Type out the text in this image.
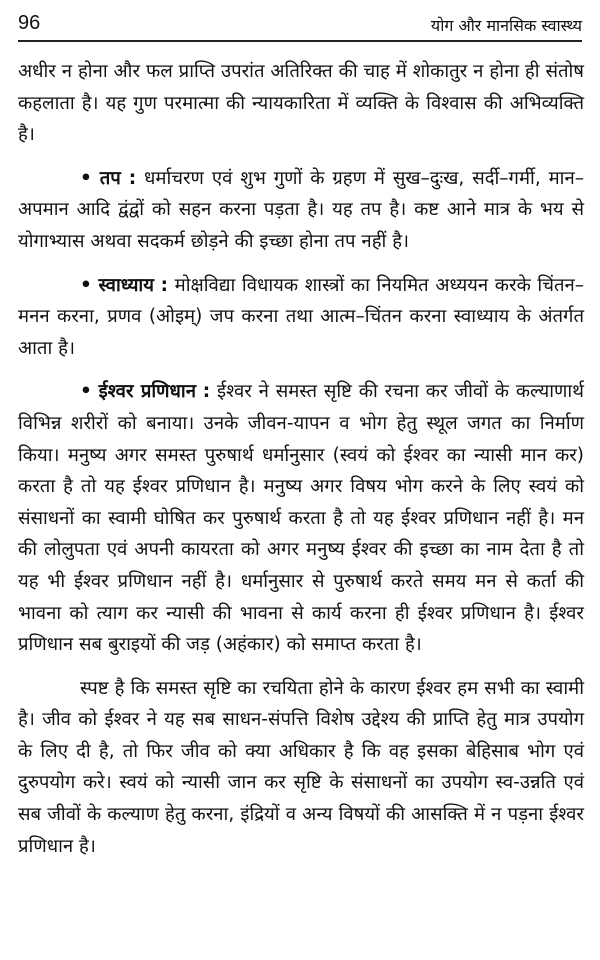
96	योग और मानसिक स्वास्थ्य

अधीर न होना और फल प्राप्ति उपरांत अतिरिक्त की चाह में शोकातुर न होना ही संतोष कहलाता है। यह गुण परमात्मा की न्यायकारिता में व्यक्ति के विश्वास की अभिव्यक्ति है।

• तप : धर्माचरण एवं शुभ गुणों के ग्रहण में सुख–दुःख, सर्दी–गर्मी, मान–अपमान आदि द्वंद्वों को सहन करना पड़ता है। यह तप है। कष्ट आने मात्र के भय से योगाभ्यास अथवा सदकर्म छोड़ने की इच्छा होना तप नहीं है।

• स्वाध्याय : मोक्षविद्या विधायक शास्त्रों का नियमित अध्ययन करके चिंतन–मनन करना, प्रणव (ओइम्) जप करना तथा आत्म–चिंतन करना स्वाध्याय के अंतर्गत आता है।

• ईश्वर प्रणिधान : ईश्वर ने समस्त सृष्टि की रचना कर जीवों के कल्याणार्थ विभिन्न शरीरों को बनाया। उनके जीवन-यापन व भोग हेतु स्थूल जगत का निर्माण किया। मनुष्य अगर समस्त पुरुषार्थ धर्मानुसार (स्वयं को ईश्वर का न्यासी मान कर) करता है तो यह ईश्वर प्रणिधान है। मनुष्य अगर विषय भोग करने के लिए स्वयं को संसाधनों का स्वामी घोषित कर पुरुषार्थ करता है तो यह ईश्वर प्रणिधान नहीं है। मन की लोलुपता एवं अपनी कायरता को अगर मनुष्य ईश्वर की इच्छा का नाम देता है तो यह भी ईश्वर प्रणिधान नहीं है। धर्मानुसार से पुरुषार्थ करते समय मन से कर्ता की भावना को त्याग कर न्यासी की भावना से कार्य करना ही ईश्वर प्रणिधान है। ईश्वर प्रणिधान सब बुराइयों की जड़ (अहंकार) को समाप्त करता है।

स्पष्ट है कि समस्त सृष्टि का रचयिता होने के कारण ईश्वर हम सभी का स्वामी है। जीव को ईश्वर ने यह सब साधन-संपत्ति विशेष उद्देश्य की प्राप्ति हेतु मात्र उपयोग के लिए दी है, तो फिर जीव को क्या अधिकार है कि वह इसका बेहिसाब भोग एवं दुरुपयोग करे। स्वयं को न्यासी जान कर सृष्टि के संसाधनों का उपयोग स्व-उन्नति एवं सब जीवों के कल्याण हेतु करना, इंद्रियों व अन्य विषयों की आसक्ति में न पड़ना ईश्वर प्रणिधान है।
